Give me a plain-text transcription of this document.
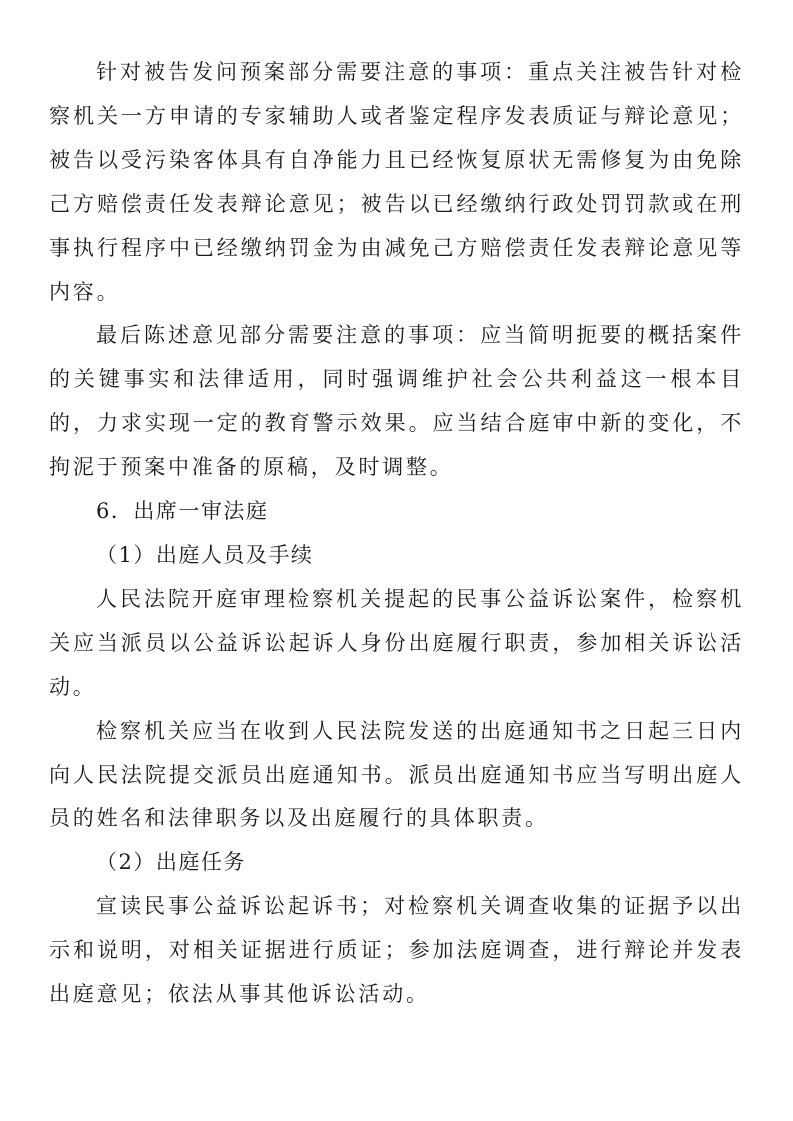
针对被告发问预案部分需要注意的事项：重点关注被告针对检察机关一方申请的专家辅助人或者鉴定程序发表质证与辩论意见；被告以受污染客体具有自净能力且已经恢复原状无需修复为由免除己方赔偿责任发表辩论意见；被告以已经缴纳行政处罚罚款或在刑事执行程序中已经缴纳罚金为由减免己方赔偿责任发表辩论意见等内容。

最后陈述意见部分需要注意的事项：应当简明扼要的概括案件的关键事实和法律适用，同时强调维护社会公共利益这一根本目的，力求实现一定的教育警示效果。应当结合庭审中新的变化，不拘泥于预案中准备的原稿，及时调整。

6．出席一审法庭

（1）出庭人员及手续

人民法院开庭审理检察机关提起的民事公益诉讼案件，检察机关应当派员以公益诉讼起诉人身份出庭履行职责，参加相关诉讼活动。

检察机关应当在收到人民法院发送的出庭通知书之日起三日内向人民法院提交派员出庭通知书。派员出庭通知书应当写明出庭人员的姓名和法律职务以及出庭履行的具体职责。

（2）出庭任务

宣读民事公益诉讼起诉书；对检察机关调查收集的证据予以出示和说明，对相关证据进行质证；参加法庭调查，进行辩论并发表出庭意见；依法从事其他诉讼活动。
